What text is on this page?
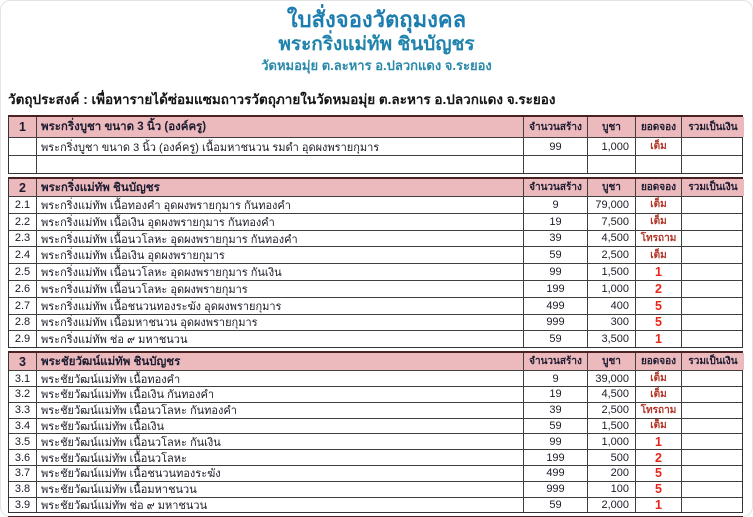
ใบสั่งจองวัตถุมงคล
พระกริ่งแม่ทัพ ชินบัญชร
วัดหมอมุ่ย ต.ละหาร อ.ปลวกแดง จ.ระยอง
วัตถุประสงค์ : เพื่อหารายได้ซ่อมแซมถาวรวัตถุภายในวัดหมอมุ่ย ต.ละหาร อ.ปลวกแดง จ.ระยอง
1	พระกริ่งบูชา ขนาด 3 นิ้ว (องค์ครู)	จำนวนสร้าง	บูชา	ยอดจอง	รวมเป็นเงิน
พระกริ่งบูชา ขนาด 3 นิ้ว (องค์ครู) เนื้อมหาชนวน รมดำ อุดผงพรายกุมาร	99	1,000	เต็ม
2	พระกริ่งแม่ทัพ ชินบัญชร	จำนวนสร้าง	บูชา	ยอดจอง	รวมเป็นเงิน
2.1 พระกริ่งแม่ทัพ เนื้อทองคำ อุดผงพรายกุมาร กันทองคำ	9	79,000	เต็ม
2.2 พระกริ่งแม่ทัพ เนื้อเงิน อุดผงพรายกุมาร กันทองคำ	19	7,500	เต็ม
2.3 พระกริ่งแม่ทัพ เนื้อนวโลหะ อุดผงพรายกุมาร กันทองคำ	39	4,500	โทรถาม
2.4 พระกริ่งแม่ทัพ เนื้อเงิน อุดผงพรายกุมาร	59	2,500	เต็ม
2.5 พระกริ่งแม่ทัพ เนื้อนวโลหะ อุดผงพรายกุมาร กันเงิน	99	1,500	1
2.6 พระกริ่งแม่ทัพ เนื้อนวโลหะ อุดผงพรายกุมาร	199	1,000	2
2.7 พระกริ่งแม่ทัพ เนื้อชนวนทองระฆัง อุดผงพรายกุมาร	499	400	5
2.8 พระกริ่งแม่ทัพ เนื้อมหาชนวน อุดผงพรายกุมาร	999	300	5
2.9 พระกริ่งแม่ทัพ ช่อ ๙ มหาชนวน	59	3,500	1
3	พระชัยวัฒน์แม่ทัพ ชินบัญชร	จำนวนสร้าง	บูชา	ยอดจอง	รวมเป็นเงิน
3.1 พระชัยวัฒน์แม่ทัพ เนื้อทองคำ	9	39,000	เต็ม
3.2 พระชัยวัฒน์แม่ทัพ เนื้อเงิน กันทองคำ	19	4,500	เต็ม
3.3 พระชัยวัฒน์แม่ทัพ เนื้อนวโลหะ กันทองคำ	39	2,500	โทรถาม
3.4 พระชัยวัฒน์แม่ทัพ เนื้อเงิน	59	1,500	เต็ม
3.5 พระชัยวัฒน์แม่ทัพ เนื้อนวโลหะ กันเงิน	99	1,000	1
3.6 พระชัยวัฒน์แม่ทัพ เนื้อนวโลหะ	199	500	2
3.7 พระชัยวัฒน์แม่ทัพ เนื้อชนวนทองระฆัง	499	200	5
3.8 พระชัยวัฒน์แม่ทัพ เนื้อมหาชนวน	999	100	5
3.9 พระชัยวัฒน์แม่ทัพ ช่อ ๙ มหาชนวน	59	2,000	1
